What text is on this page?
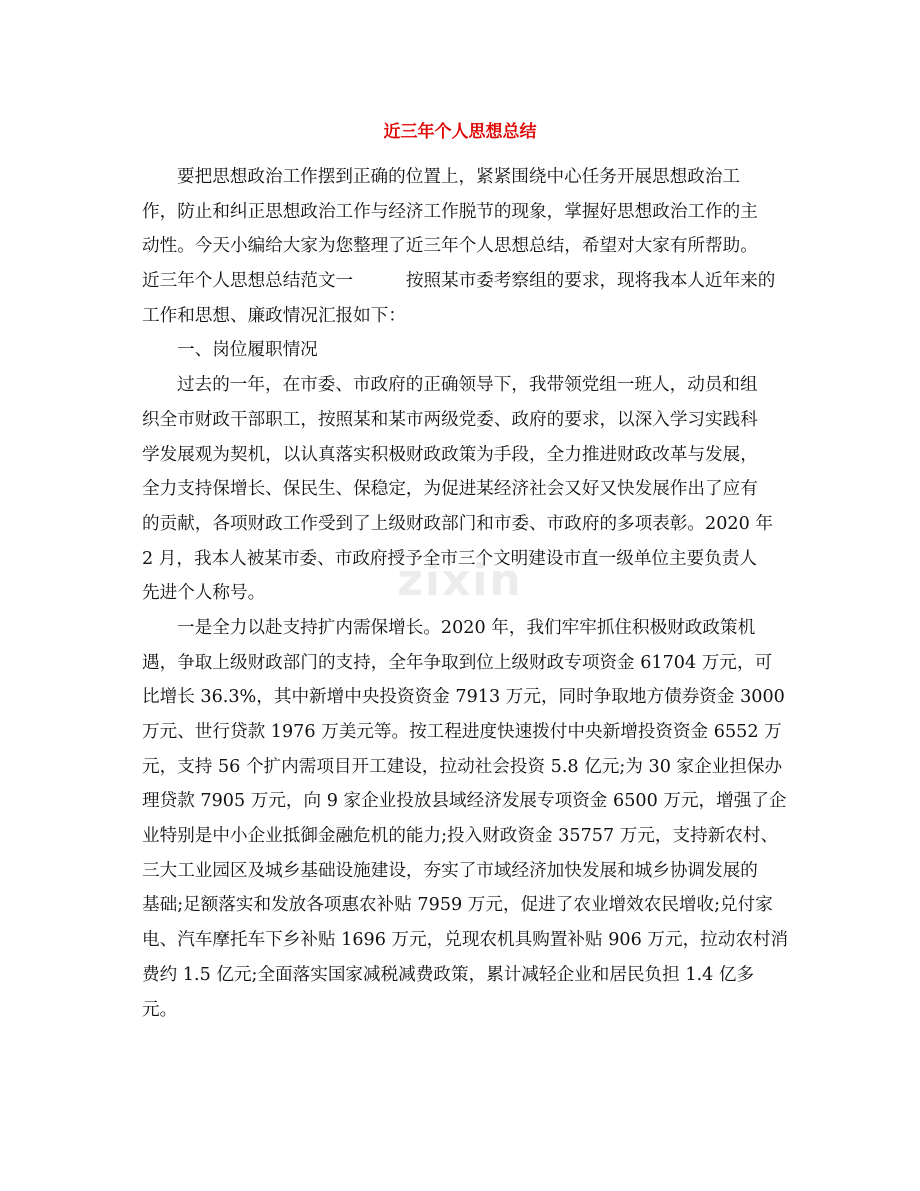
近三年个人思想总结
zixin
要把思想政治工作摆到正确的位置上，紧紧围绕中心任务开展思想政治工
作，防止和纠正思想政治工作与经济工作脱节的现象，掌握好思想政治工作的主
动性。今天小编给大家为您整理了近三年个人思想总结，希望对大家有所帮助。
近三年个人思想总结范文一　　　按照某市委考察组的要求，现将我本人近年来的
工作和思想、廉政情况汇报如下：
一、岗位履职情况
过去的一年，在市委、市政府的正确领导下，我带领党组一班人，动员和组
织全市财政干部职工，按照某和某市两级党委、政府的要求，以深入学习实践科
学发展观为契机，以认真落实积极财政政策为手段，全力推进财政改革与发展，
全力支持保增长、保民生、保稳定，为促进某经济社会又好又快发展作出了应有
的贡献，各项财政工作受到了上级财政部门和市委、市政府的多项表彰。2020 年
2 月，我本人被某市委、市政府授予全市三个文明建设市直一级单位主要负责人
先进个人称号。
一是全力以赴支持扩内需保增长。2020 年，我们牢牢抓住积极财政政策机
遇，争取上级财政部门的支持，全年争取到位上级财政专项资金 61704 万元，可
比增长 36.3%，其中新增中央投资资金 7913 万元，同时争取地方债券资金 3000
万元、世行贷款 1976 万美元等。按工程进度快速拨付中央新增投资资金 6552 万
元，支持 56 个扩内需项目开工建设，拉动社会投资 5.8 亿元;为 30 家企业担保办
理贷款 7905 万元，向 9 家企业投放县域经济发展专项资金 6500 万元，增强了企
业特别是中小企业抵御金融危机的能力;投入财政资金 35757 万元，支持新农村、
三大工业园区及城乡基础设施建设，夯实了市域经济加快发展和城乡协调发展的
基础;足额落实和发放各项惠农补贴 7959 万元，促进了农业增效农民增收;兑付家
电、汽车摩托车下乡补贴 1696 万元，兑现农机具购置补贴 906 万元，拉动农村消
费约 1.5 亿元;全面落实国家减税减费政策，累计减轻企业和居民负担 1.4 亿多
元。
